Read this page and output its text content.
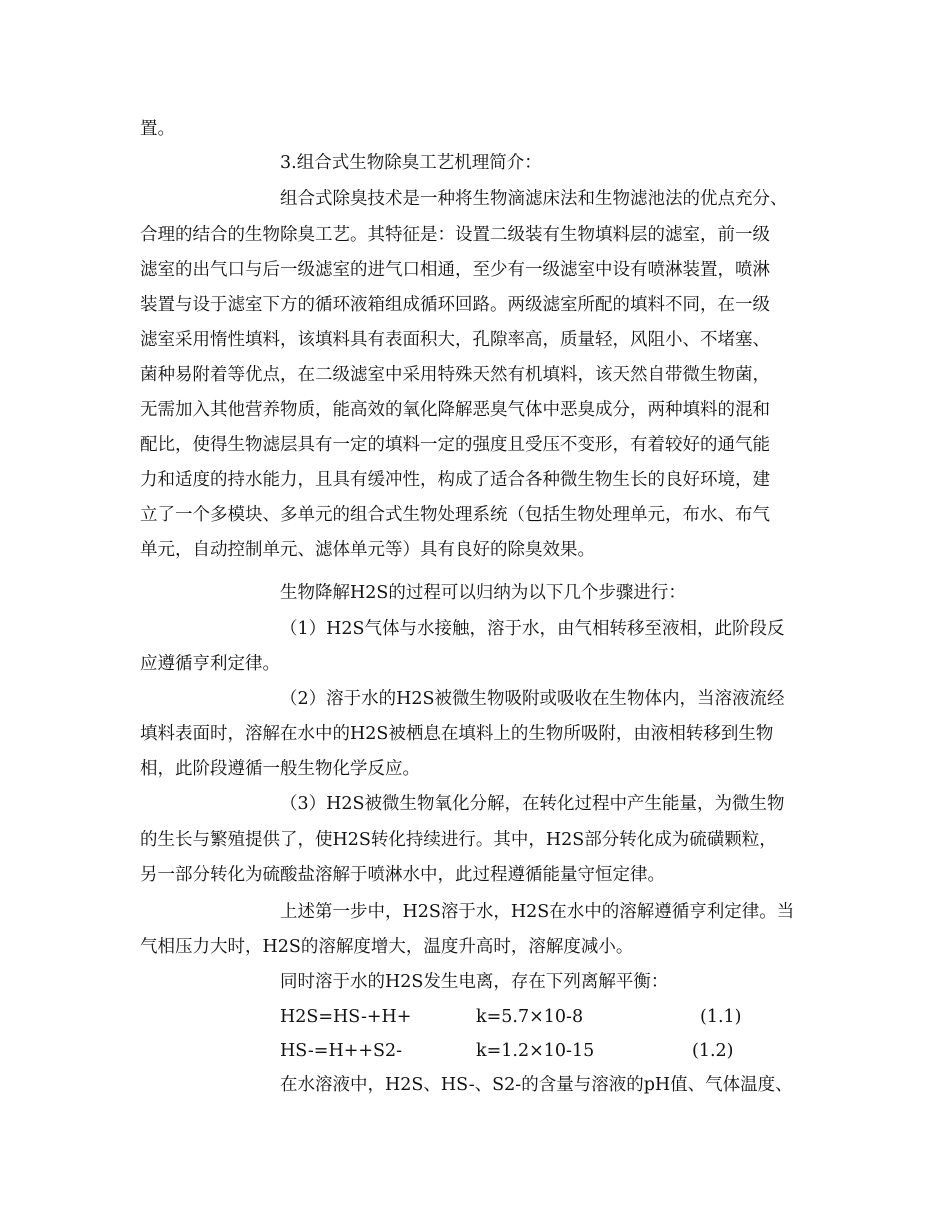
置。
3.组合式生物除臭工艺机理简介：
组合式除臭技术是一种将生物滴滤床法和生物滤池法的优点充分、
合理的结合的生物除臭工艺。其特征是：设置二级装有生物填料层的滤室，前一级
滤室的出气口与后一级滤室的进气口相通，至少有一级滤室中设有喷淋装置，喷淋
装置与设于滤室下方的循环液箱组成循环回路。两级滤室所配的填料不同，在一级
滤室采用惰性填料，该填料具有表面积大，孔隙率高，质量轻，风阻小、不堵塞、
菌种易附着等优点，在二级滤室中采用特殊天然有机填料，该天然自带微生物菌，
无需加入其他营养物质，能高效的氧化降解恶臭气体中恶臭成分，两种填料的混和
配比，使得生物滤层具有一定的填料一定的强度且受压不变形，有着较好的通气能
力和适度的持水能力，且具有缓冲性，构成了适合各种微生物生长的良好环境，建
立了一个多模块、多单元的组合式生物处理系统（包括生物处理单元，布水、布气
单元，自动控制单元、滤体单元等）具有良好的除臭效果。
生物降解H2S的过程可以归纳为以下几个步骤进行：
（1）H2S气体与水接触，溶于水，由气相转移至液相，此阶段反
应遵循亨利定律。
（2）溶于水的H2S被微生物吸附或吸收在生物体内，当溶液流经
填料表面时，溶解在水中的H2S被栖息在填料上的生物所吸附，由液相转移到生物
相，此阶段遵循一般生物化学反应。
（3）H2S被微生物氧化分解，在转化过程中产生能量，为微生物
的生长与繁殖提供了，使H2S转化持续进行。其中，H2S部分转化成为硫磺颗粒，
另一部分转化为硫酸盐溶解于喷淋水中，此过程遵循能量守恒定律。
上述第一步中，H2S溶于水，H2S在水中的溶解遵循亨利定律。当
气相压力大时，H2S的溶解度增大，温度升高时，溶解度减小。
同时溶于水的H2S发生电离，存在下列离解平衡：
H2S=HS-+H+	k=5.7×10-8	(1.1)
HS-=H++S2-	k=1.2×10-15	(1.2)
在水溶液中，H2S、HS-、S2-的含量与溶液的pH值、气体温度、
